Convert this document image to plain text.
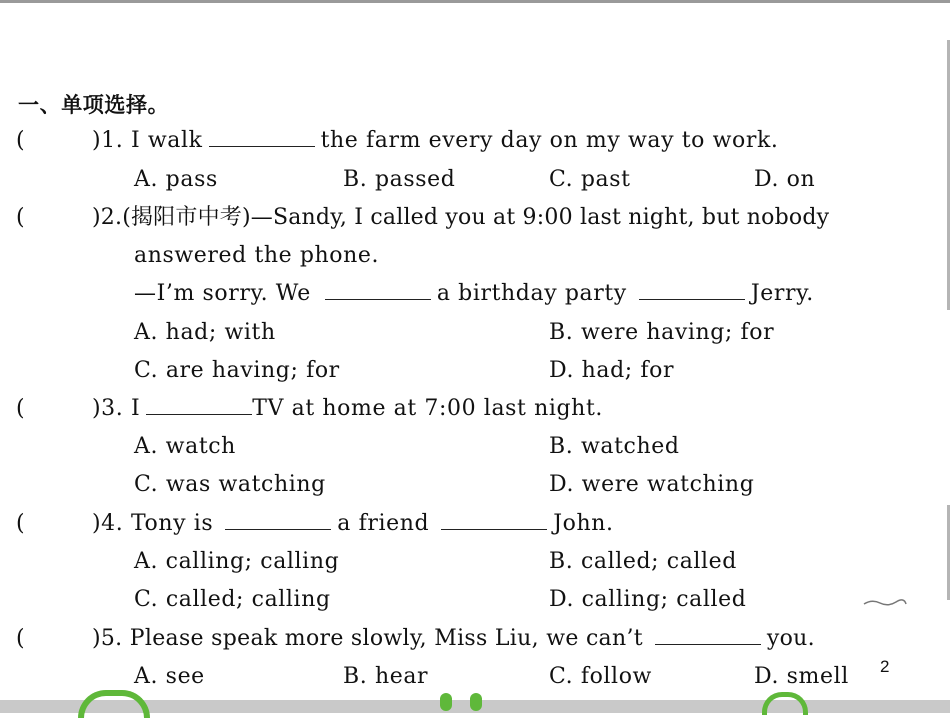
一、单项选择。
(	)1. I walk	the farm every day on my way to work.
A. pass	B. passed	C. past	D. on
(	)2.(揭阳市中考)—Sandy, I called you at 9:00 last night, but nobody
answered the phone.
—I’m sorry. We	a birthday party	Jerry.
A. had; with	B. were having; for
C. are having; for	D. had; for
(	)3. I	TV at home at 7:00 last night.
A. watch	B. watched
C. was watching	D. were watching
(	)4. Tony is	a friend	John.
A. calling; calling	B. called; called
C. called; calling	D. calling; called
(	)5. Please speak more slowly, Miss Liu, we can’t	you.
A. see	B. hear	C. follow	D. smell 2
